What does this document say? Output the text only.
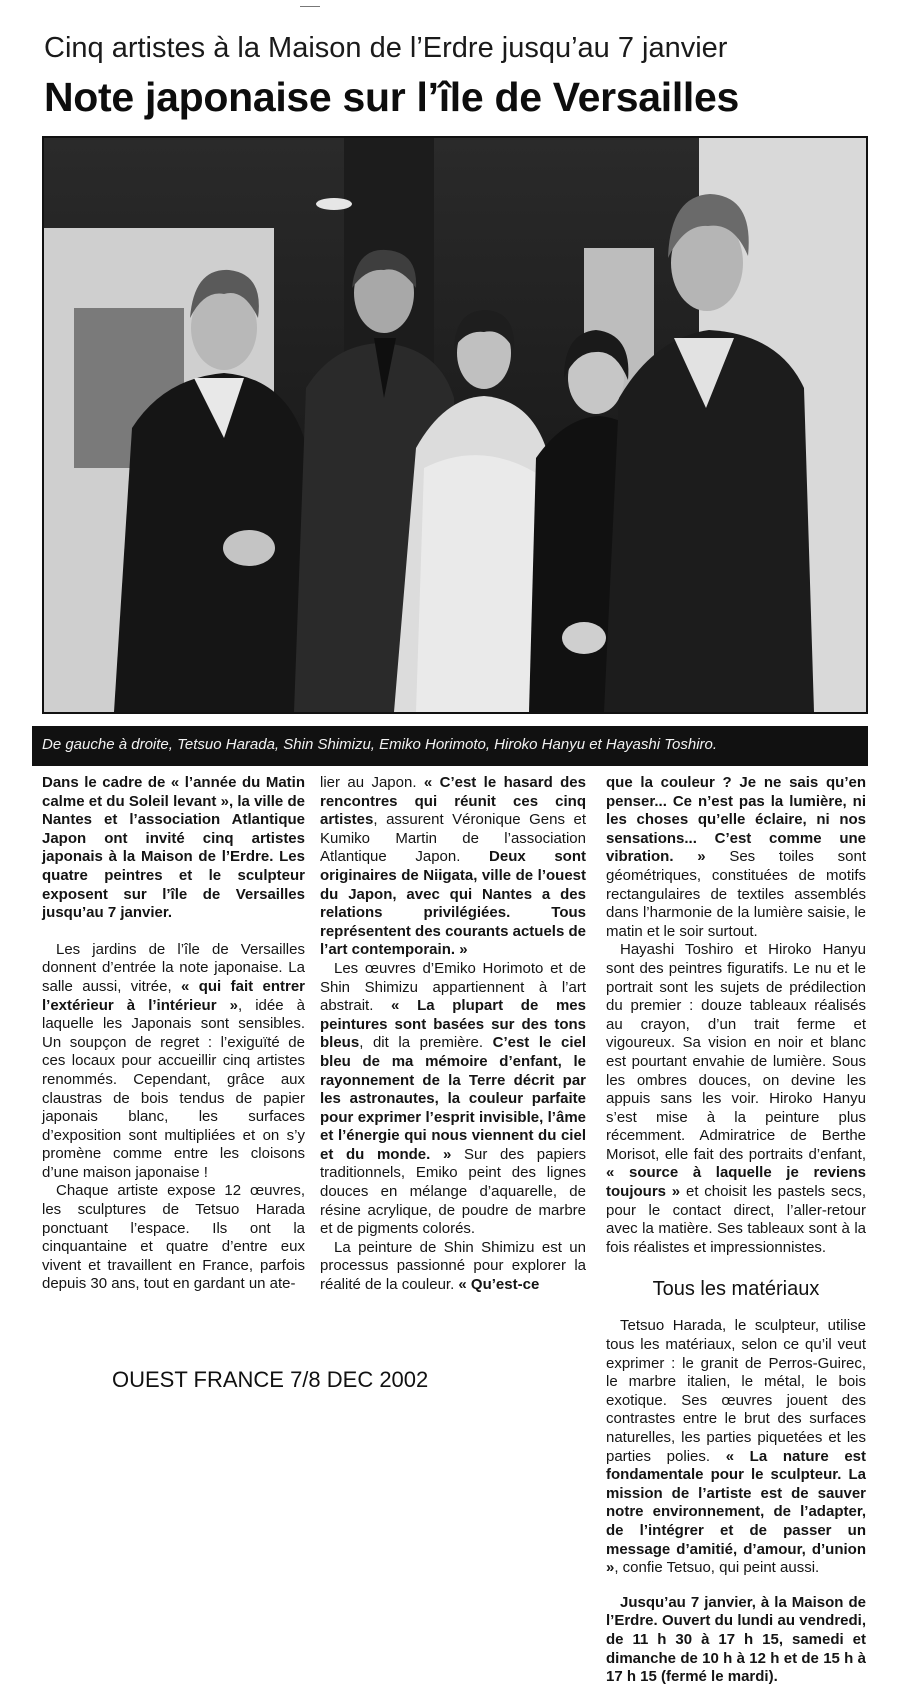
Cinq artistes à la Maison de l’Erdre jusqu’au 7 janvier
Note japonaise sur l’île de Versailles
De gauche à droite, Tetsuo Harada, Shin Shimizu, Emiko Horimoto, Hiroko Hanyu et Hayashi Toshiro.

Dans le cadre de « l’année du Matin calme et du Soleil levant », la ville de Nantes et l’association Atlantique Japon ont invité cinq artistes japonais à la Maison de l’Erdre. Les quatre peintres et le sculpteur exposent sur l’île de Versailles jusqu’au 7 janvier.

Les jardins de l’île de Versailles donnent d’entrée la note japonaise. La salle aussi, vitrée, « qui fait entrer l’extérieur à l’intérieur », idée à laquelle les Japonais sont sensibles. Un soupçon de regret : l’exiguïté de ces locaux pour accueillir cinq artistes renommés. Cependant, grâce aux claustras de bois tendus de papier japonais blanc, les surfaces d’exposition sont multipliées et on s’y promène comme entre les cloisons d’une maison japonaise !

Chaque artiste expose 12 œuvres, les sculptures de Tetsuo Harada ponctuant l’espace. Ils ont la cinquantaine et quatre d’entre eux vivent et travaillent en France, parfois depuis 30 ans, tout en gardant un ate-

lier au Japon. « C’est le hasard des rencontres qui réunit ces cinq artistes, assurent Véronique Gens et Kumiko Martin de l’association Atlantique Japon. Deux sont originaires de Niigata, ville de l’ouest du Japon, avec qui Nantes a des relations privilégiées. Tous représentent des courants actuels de l’art contemporain. »

Les œuvres d’Emiko Horimoto et de Shin Shimizu appartiennent à l’art abstrait. « La plupart de mes peintures sont basées sur des tons bleus, dit la première. C’est le ciel bleu de ma mémoire d’enfant, le rayonnement de la Terre décrit par les astronautes, la couleur parfaite pour exprimer l’esprit invisible, l’âme et l’énergie qui nous viennent du ciel et du monde. » Sur des papiers traditionnels, Emiko peint des lignes douces en mélange d’aquarelle, de résine acrylique, de poudre de marbre et de pigments colorés.

La peinture de Shin Shimizu est un processus passionné pour explorer la réalité de la couleur. « Qu’est-ce

que la couleur ? Je ne sais qu’en penser... Ce n’est pas la lumière, ni les choses qu’elle éclaire, ni nos sensations... C’est comme une vibration. » Ses toiles sont géométriques, constituées de motifs rectangulaires de textiles assemblés dans l’harmonie de la lumière saisie, le matin et le soir surtout.

Hayashi Toshiro et Hiroko Hanyu sont des peintres figuratifs. Le nu et le portrait sont les sujets de prédilection du premier : douze tableaux réalisés au crayon, d’un trait ferme et vigoureux. Sa vision en noir et blanc est pourtant envahie de lumière. Sous les ombres douces, on devine les appuis sans les voir. Hiroko Hanyu s’est mise à la peinture plus récemment. Admiratrice de Berthe Morisot, elle fait des portraits d’enfant, « source à laquelle je reviens toujours » et choisit les pastels secs, pour le contact direct, l’aller-retour avec la matière. Ses tableaux sont à la fois réalistes et impressionnistes.

Tous les matériaux

Tetsuo Harada, le sculpteur, utilise tous les matériaux, selon ce qu’il veut exprimer : le granit de Perros-Guirec, le marbre italien, le métal, le bois exotique. Ses œuvres jouent des contrastes entre le brut des surfaces naturelles, les parties piquetées et les parties polies. « La nature est fondamentale pour le sculpteur. La mission de l’artiste est de sauver notre environnement, de l’adapter, de l’intégrer et de passer un message d’amitié, d’amour, d’union », confie Tetsuo, qui peint aussi.

Jusqu’au 7 janvier, à la Maison de l’Erdre. Ouvert du lundi au vendredi, de 11 h 30 à 17 h 15, samedi et dimanche de 10 h à 12 h et de 15 h à 17 h 15 (fermé le mardi).

OUEST FRANCE 7/8 DEC 2002
